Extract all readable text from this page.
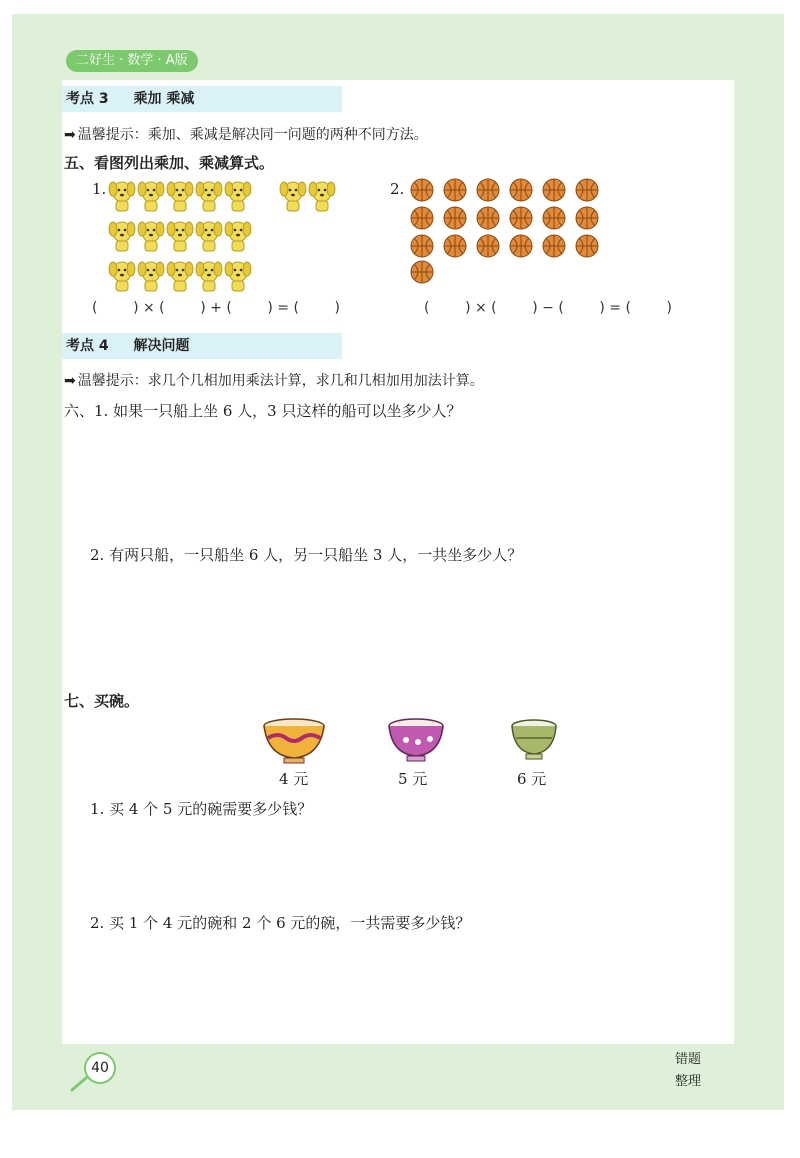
二好生 · 数学 · A版
考点 3 乘加 乘减
➡ 温馨提示：乘加、乘减是解决同一问题的两种不同方法。
五、看图列出乘加、乘减算式。
1.	2.
(        ) × (        ) + (        ) = (        )	(        ) × (        ) − (        ) = (        )
考点 4 解决问题
➡ 温馨提示：求几个几相加用乘法计算，求几和几相加用加法计算。
六、1. 如果一只船上坐 6 人，3 只这样的船可以坐多少人？
2. 有两只船，一只船坐 6 人，另一只船坐 3 人，一共坐多少人？
七、买碗。
4 元	5 元	6 元
1. 买 4 个 5 元的碗需要多少钱？
2. 买 1 个 4 元的碗和 2 个 6 元的碗，一共需要多少钱？
40
错题
整理
